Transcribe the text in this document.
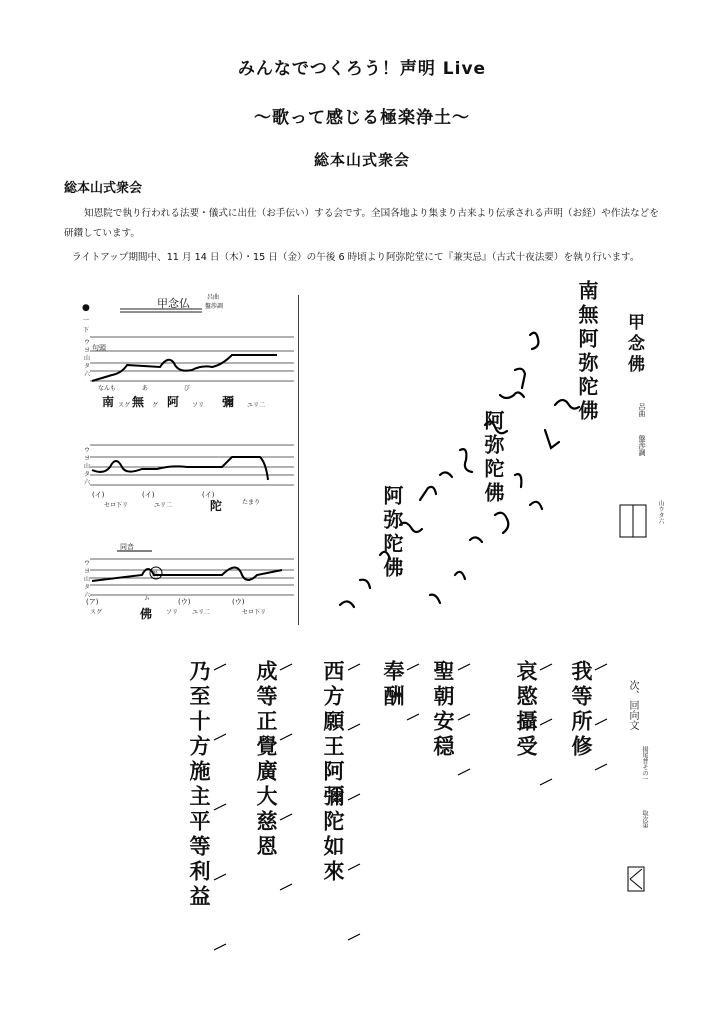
みんなでつくろう！声明 Live
～歌って感じる極楽浄土～
総本山式衆会
総本山式衆会
知恩院で執り行われる法要・儀式に出仕（お手伝い）する会です。全国各地より集まり古来より伝承される声明（お経）や作法などを
研鑽しています。
ライトアップ期間中、11 月 14 日（木）・15 日（金）の午後 6 時頃より阿弥陀堂にて『兼実忌』（古式十夜法要）を執り行います。
●
一
下
甲念仏	呂曲
盤渉調
句頭
ウ
ヨ
山
タ
六
ウ
ヨ
山
タ
六
ウ
ヨ
山
タ
六
なんも　　　　 あ　　　　　　び
南 無 阿	彌
スグ	グ	ソリ	ユリ二
(イ)	(イ)	(イ)
陀
セロ下リ	ユリ二	たまり
同音
汲
(ア)	(ウ)	(ウ)
佛
スグ
ム
ソリ ユリ二	セロ下リ
南無阿弥陀佛
阿弥陀佛
阿弥陀佛
甲念佛
呂曲
盤渉調
山ウタ六
次、回向文
揚尾普その一
取次第
我等所修
哀愍攝受
聖朝安穏
奉酬
西方願王阿彌陀如來
成等正覺廣大慈恩
乃至十方施主平等利益
